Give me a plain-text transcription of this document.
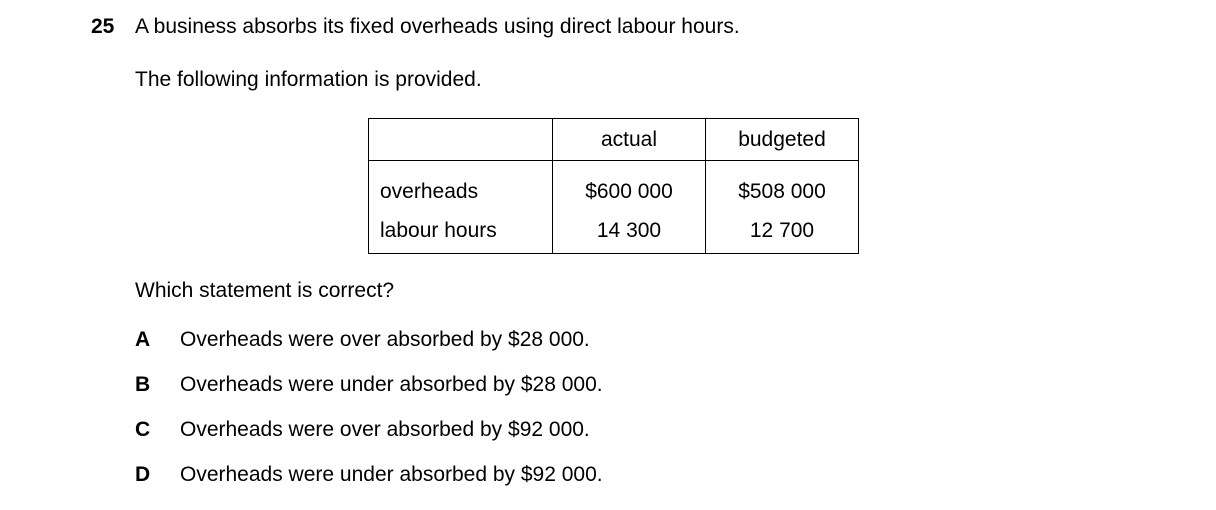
25 A business absorbs its fixed overheads using direct labour hours.
The following information is provided.
	actual	budgeted
overheads	$600 000	$508 000
labour hours	14 300	12 700
Which statement is correct?
A Overheads were over absorbed by $28 000.
B Overheads were under absorbed by $28 000.
C Overheads were over absorbed by $92 000.
D Overheads were under absorbed by $92 000.
